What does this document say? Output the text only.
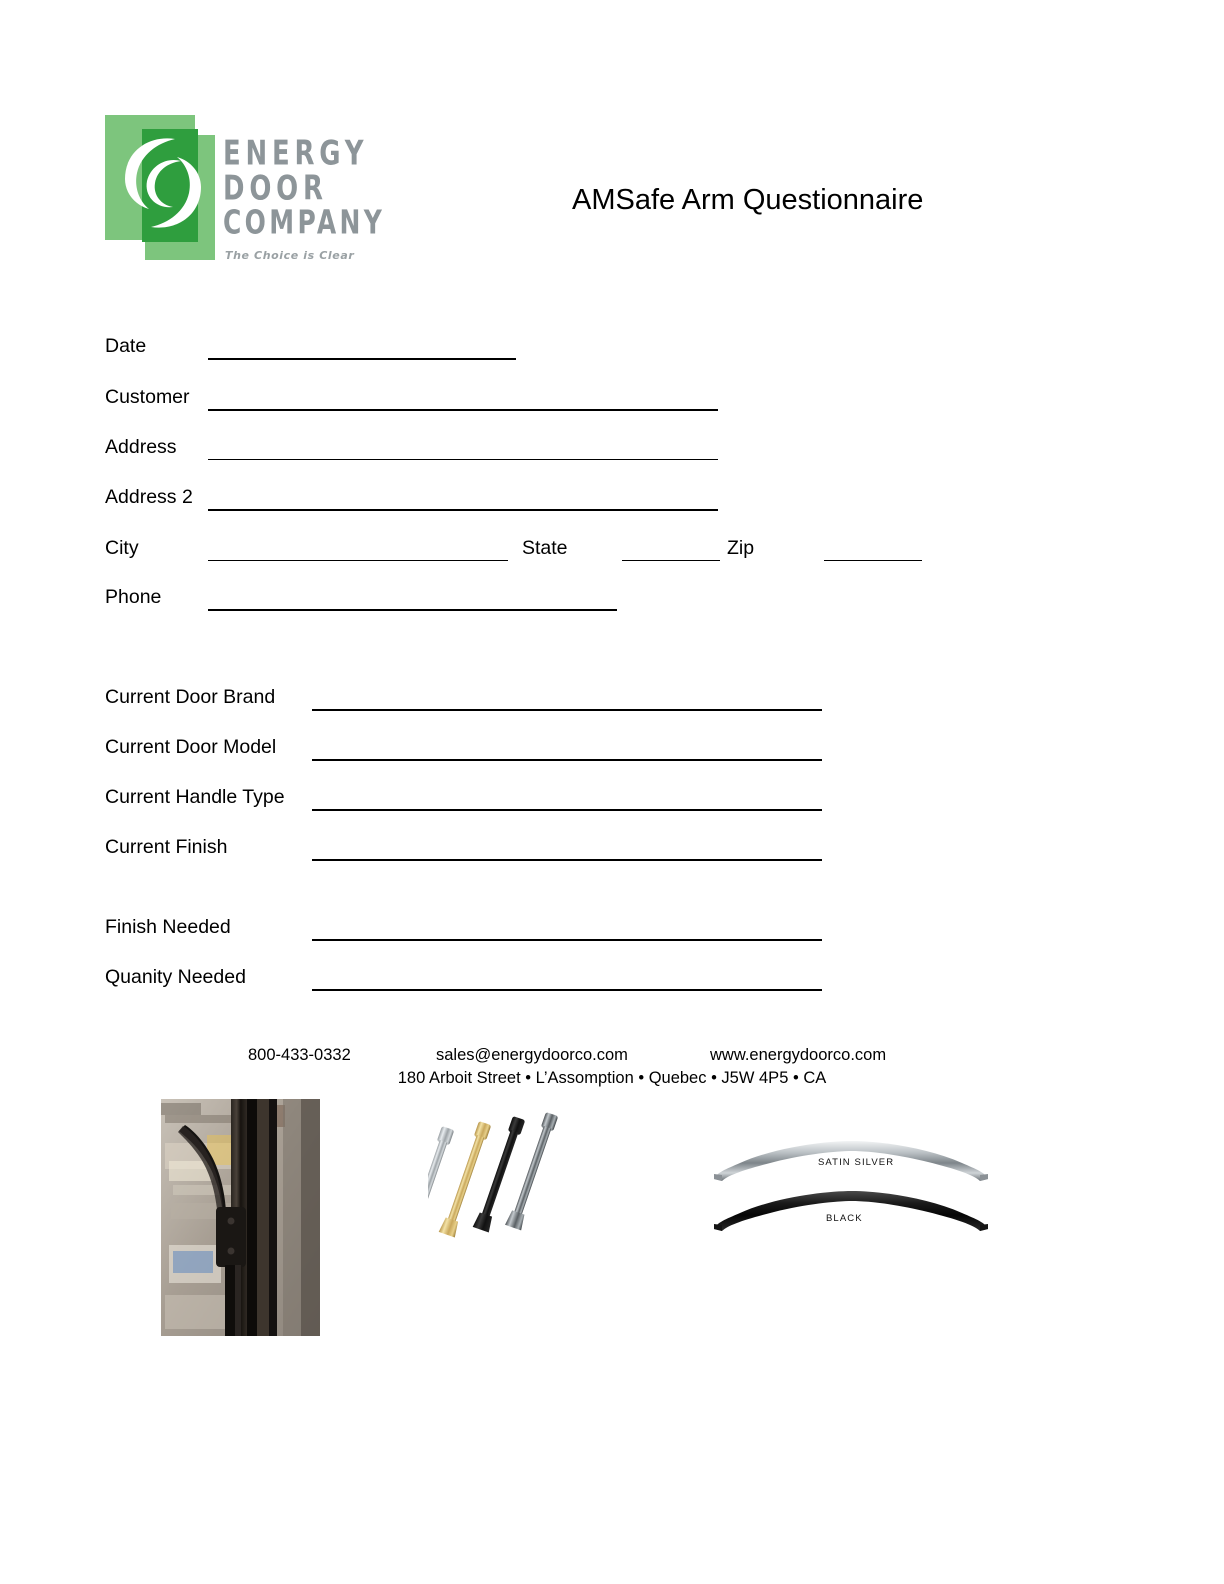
ENERGY
DOOR
COMPANY
The Choice is Clear
AMSafe Arm Questionnaire
Date
Customer
Address
Address 2
City	State	Zip
Phone
Current Door Brand
Current Door Model
Current Handle Type
Current Finish
Finish Needed
Quanity Needed
800-433-0332	sales@energydoorco.com	www.energydoorco.com
180 Arboit Street • L’Assomption • Quebec • J5W 4P5 • CA
SATIN SILVER
BLACK
